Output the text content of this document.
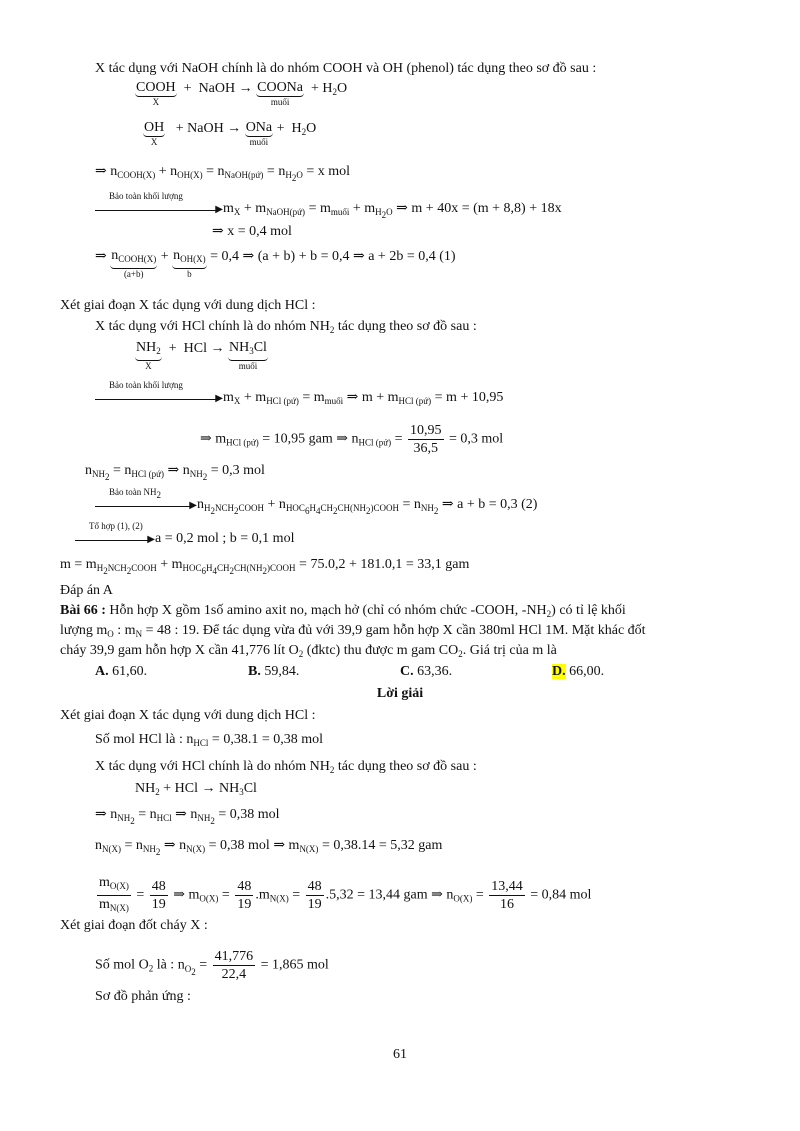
X tác dụng với NaOH chính là do nhóm COOH và OH (phenol) tác dụng theo sơ đồ sau :
COOH
X
+  NaOH → COONa
muối
+ $H_2O$
OH
X
+ NaOH → ONa
muối
+  $H_2O$
⇒ $n_{COOH(X)} + n_{OH(X)} = n_{NaOH(pứ)} = n_{H_2O} = x$ mol
Bảo toàn khối lượng
▶ $m_X + m_{NaOH(pứ)} = m_{muối} + m_{H_2O}$ ⇒ m + 40x = (m + 8,8) + 18x
⇒ x = 0,4 mol
⇒ $n_{COOH(X)}$
(a+b)
+ $n_{OH(X)}$
b
= 0,4 ⇒ (a + b) + b = 0,4 ⇒ a + 2b = 0,4 (1)
Xét giai đoạn X tác dụng với dung dịch HCl :
X tác dụng với HCl chính là do nhóm $NH_2$ tác dụng theo sơ đồ sau :
$NH_2$
X
+  HCl → $NH_3Cl$
muối
Bảo toàn khối lượng
▶ $m_X + m_{HCl (pứ)} = m_{muối}$ ⇒ $m + m_{HCl (pứ)} = m + 10,95$
⇒ $m_{HCl (pứ)} = 10,95$ gam ⇒ $n_{HCl (pứ)} = \frac{10,95}{36,5} = 0,3$ mol
$n_{NH_2} = n_{HCl (pứ)}$ ⇒ $n_{NH_2} = 0,3$ mol
Bảo toàn $NH_2$
▶ $n_{H_2NCH_2COOH} + n_{HOC_6H_4CH_2CH(NH_2)COOH} = n_{NH_2}$ ⇒ a + b = 0,3 (2)
Tổ hợp (1), (2)
▶ a = 0,2 mol ; b = 0,1 mol
$m = m_{H_2NCH_2COOH} + m_{HOC_6H_4CH_2CH(NH_2)COOH} = 75.0,2 + 181.0,1 = 33,1$ gam
Đáp án A
Bài 66 : Hỗn hợp X gồm 1số amino axit no, mạch hở (chỉ có nhóm chức -COOH, $-NH_2$) có tỉ lệ khối
lượng $m_O$ : $m_N = 48$ : 19. Để tác dụng vừa đủ với 39,9 gam hỗn hợp X cần 380ml HCl 1M. Mặt khác đốt
cháy 39,9 gam hỗn hợp X cần 41,776 lít $O_2$ (đktc) thu được m gam $CO_2$. Giá trị của m là
A. 61,60.	B. 59,84.	C. 63,36.	D. 66,00.
Lời giải
Xét giai đoạn X tác dụng với dung dịch HCl :
Số mol HCl là : $n_{HCl} = 0,38.1 = 0,38$ mol
X tác dụng với HCl chính là do nhóm $NH_2$ tác dụng theo sơ đồ sau :
$NH_2$ + HCl → $NH_3Cl$
⇒ $n_{NH_2} = n_{HCl}$ ⇒ $n_{NH_2} = 0,38$ mol
$n_{N(X)} = n_{NH_2}$ ⇒ $n_{N(X)} = 0,38$ mol ⇒ $m_{N(X)} = 0,38.14 = 5,32$ gam
$\frac{m_{O(X)}}{m_{N(X)}} = \frac{48}{19}$ ⇒ $m_{O(X)} = \frac{48}{19} .m_{N(X)} = \frac{48}{19} .5,32 = 13,44$ gam ⇒ $n_{O(X)} = \frac{13,44}{16} = 0,84$ mol
Xét giai đoạn đốt cháy X :
Số mol $O_2$ là : $n_{O_2} = \frac{41,776}{22,4} = 1,865$ mol
Sơ đồ phản ứng :
61
